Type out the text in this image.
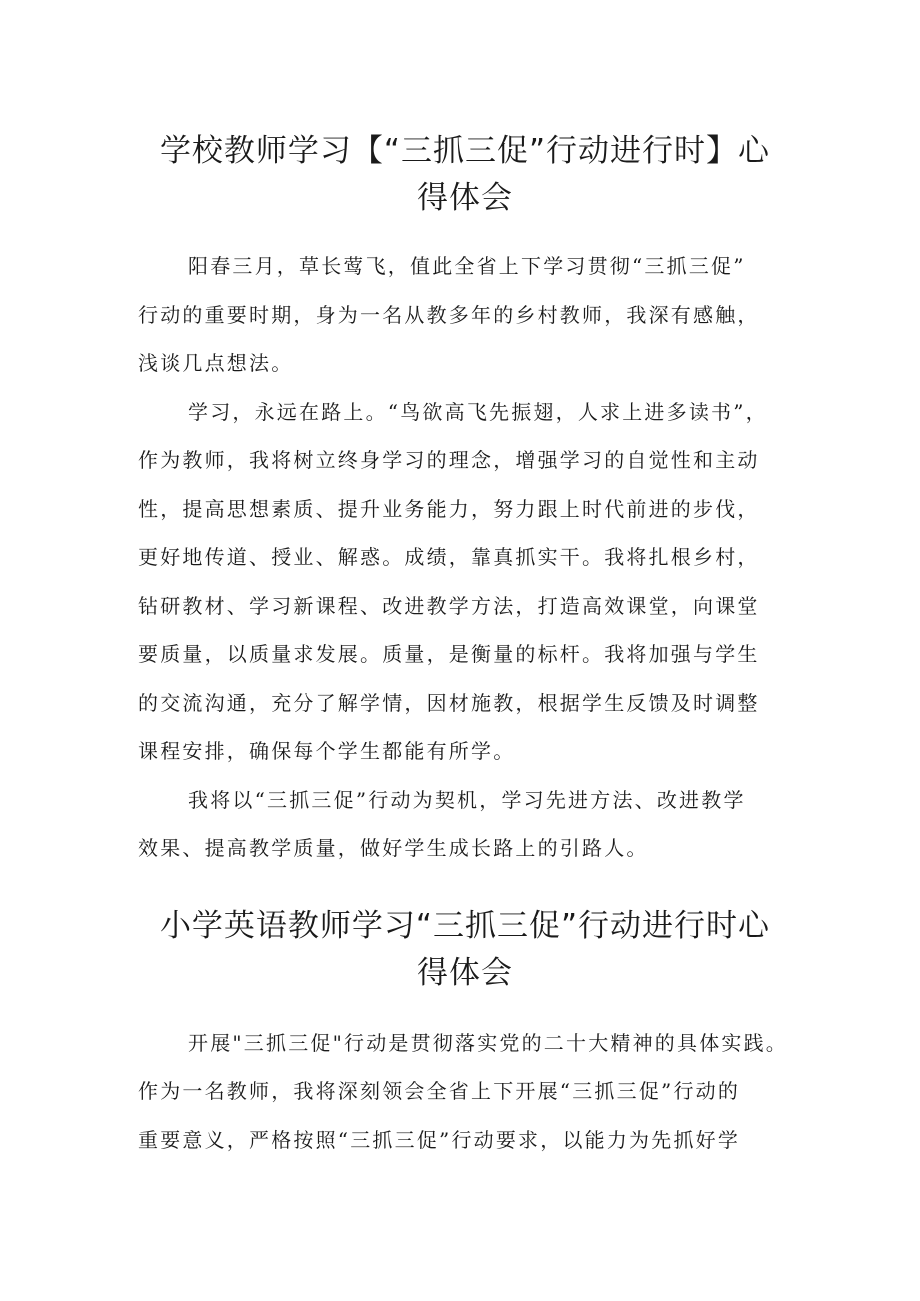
学校教师学习【“三抓三促”行动进行时】心
得体会

阳春三月，草长莺飞，值此全省上下学习贯彻“三抓三促”
行动的重要时期，身为一名从教多年的乡村教师，我深有感触，
浅谈几点想法。

学习，永远在路上。“鸟欲高飞先振翅，人求上进多读书”，
作为教师，我将树立终身学习的理念，增强学习的自觉性和主动
性，提高思想素质、提升业务能力，努力跟上时代前进的步伐，
更好地传道、授业、解惑。成绩，靠真抓实干。我将扎根乡村，
钻研教材、学习新课程、改进教学方法，打造高效课堂，向课堂
要质量，以质量求发展。质量，是衡量的标杆。我将加强与学生
的交流沟通，充分了解学情，因材施教，根据学生反馈及时调整
课程安排，确保每个学生都能有所学。

我将以“三抓三促”行动为契机，学习先进方法、改进教学
效果、提高教学质量，做好学生成长路上的引路人。

小学英语教师学习“三抓三促”行动进行时心
得体会

开展"三抓三促"行动是贯彻落实党的二十大精神的具体实践。
作为一名教师，我将深刻领会全省上下开展“三抓三促”行动的
重要意义，严格按照“三抓三促”行动要求，以能力为先抓好学
